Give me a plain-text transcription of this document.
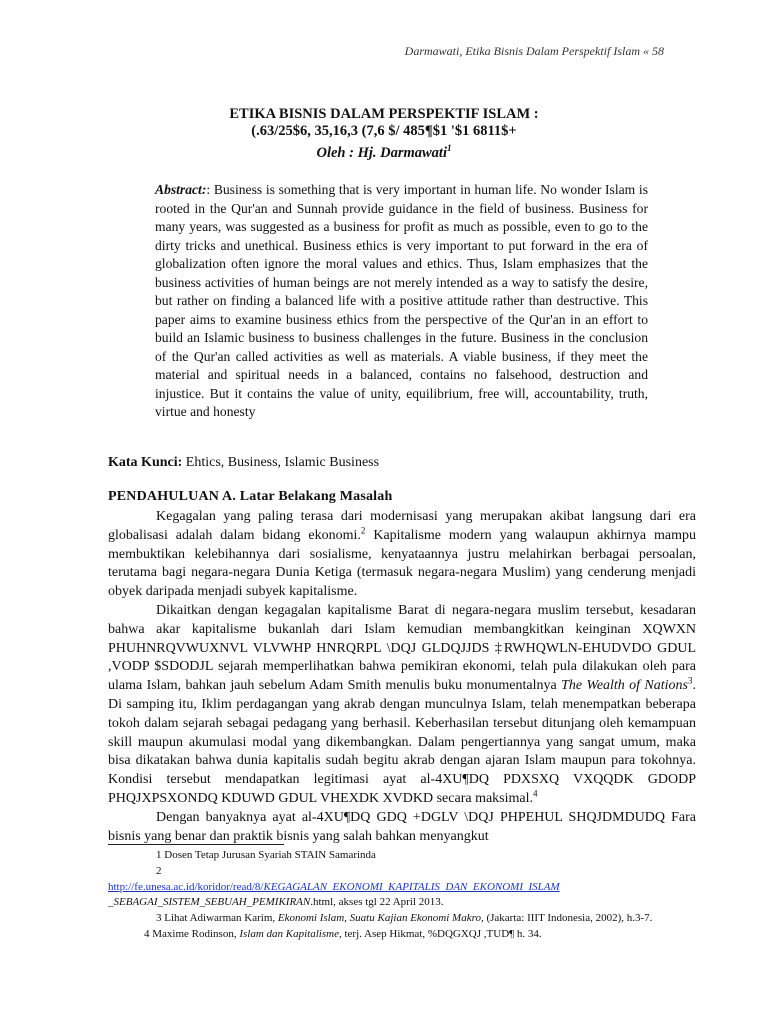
Darmawati, Etika Bisnis Dalam Perspektif Islam « 58
ETIKA BISNIS DALAM PERSPEKTIF ISLAM :
(.63/25$6, 35,16,3 (7,6 $/ 485¶$1 '$1 6811$+
Oleh : Hj. Darmawati$^1$
Abstract:: Business is something that is very important in human life. No wonder Islam is rooted in the Qur'an and Sunnah provide guidance in the field of business. Business for many years, was suggested as a business for profit as much as possible, even to go to the dirty tricks and unethical. Business ethics is very important to put forward in the era of globalization often ignore the moral values and ethics. Thus, Islam emphasizes that the business activities of human beings are not merely intended as a way to satisfy the desire, but rather on finding a balanced life with a positive attitude rather than destructive. This paper aims to examine business ethics from the perspective of the Qur'an in an effort to build an Islamic business to business challenges in the future. Business in the conclusion of the Qur'an called activities as well as materials. A viable business, if they meet the material and spiritual needs in a balanced, contains no falsehood, destruction and injustice. But it contains the value of unity, equilibrium, free will, accountability, truth, virtue and honesty
Kata Kunci: Ehtics, Business, Islamic Business
PENDAHULUAN A. Latar Belakang Masalah

Kegagalan yang paling terasa dari modernisasi yang merupakan akibat langsung dari era globalisasi adalah dalam bidang ekonomi.$^2$ Kapitalisme modern yang walaupun akhirnya mampu membuktikan kelebihannya dari sosialisme, kenyataannya justru melahirkan berbagai persoalan, terutama bagi negara-negara Dunia Ketiga (termasuk negara-negara Muslim) yang cenderung menjadi obyek daripada menjadi subyek kapitalisme.

Dikaitkan dengan kegagalan kapitalisme Barat di negara-negara muslim tersebut, kesadaran bahwa akar kapitalisme bukanlah dari Islam kemudian membangkitkan keinginan XQWXN PHUHNRQVWUXNVL VLVWHP HNRQRPL \DQJ GLDQJJDS ‡RWHQWLN-EHUDVDO GDUL ,VODP $SDODJL sejarah memperlihatkan bahwa pemikiran ekonomi, telah pula dilakukan oleh para ulama Islam, bahkan jauh sebelum Adam Smith menulis buku monumentalnya The Wealth of Nations$^3$. Di samping itu, Iklim perdagangan yang akrab dengan munculnya Islam, telah menempatkan beberapa tokoh dalam sejarah sebagai pedagang yang berhasil. Keberhasilan tersebut ditunjang oleh kemampuan skill maupun akumulasi modal yang dikembangkan. Dalam pengertiannya yang sangat umum, maka bisa dikatakan bahwa dunia kapitalis sudah begitu akrab dengan ajaran Islam maupun para tokohnya. Kondisi tersebut mendapatkan legitimasi ayat al-4XU¶DQ PDXSXQ VXQQDK GDODP PHQJXPSXONDQ KDUWD GDUL VHEXDK XVDKD secara maksimal.$^4$

Dengan banyaknya ayat al-4XU¶DQ GDQ +DGLV \DQJ PHPEHUL SHQJDMDUDQ Fara bisnis yang benar dan praktik bisnis yang salah bahkan menyangkut

1 Dosen Tetap Jurusan Syariah STAIN Samarinda
2
http://fe.unesa.ac.id/koridor/read/8/KEGAGALAN_EKONOMI_KAPITALIS_DAN_EKONOMI_ISLAM
_SEBAGAI_SISTEM_SEBUAH_PEMIKIRAN.html, akses tgl 22 April 2013.
3 Lihat Adiwarman Karim, Ekonomi Islam, Suatu Kajian Ekonomi Makro, (Jakarta: IIIT Indonesia, 2002), h.3-7.
4 Maxime Rodinson, Islam dan Kapitalisme, terj. Asep Hikmat, %DQGXQJ ,TUD¶ h. 34.
